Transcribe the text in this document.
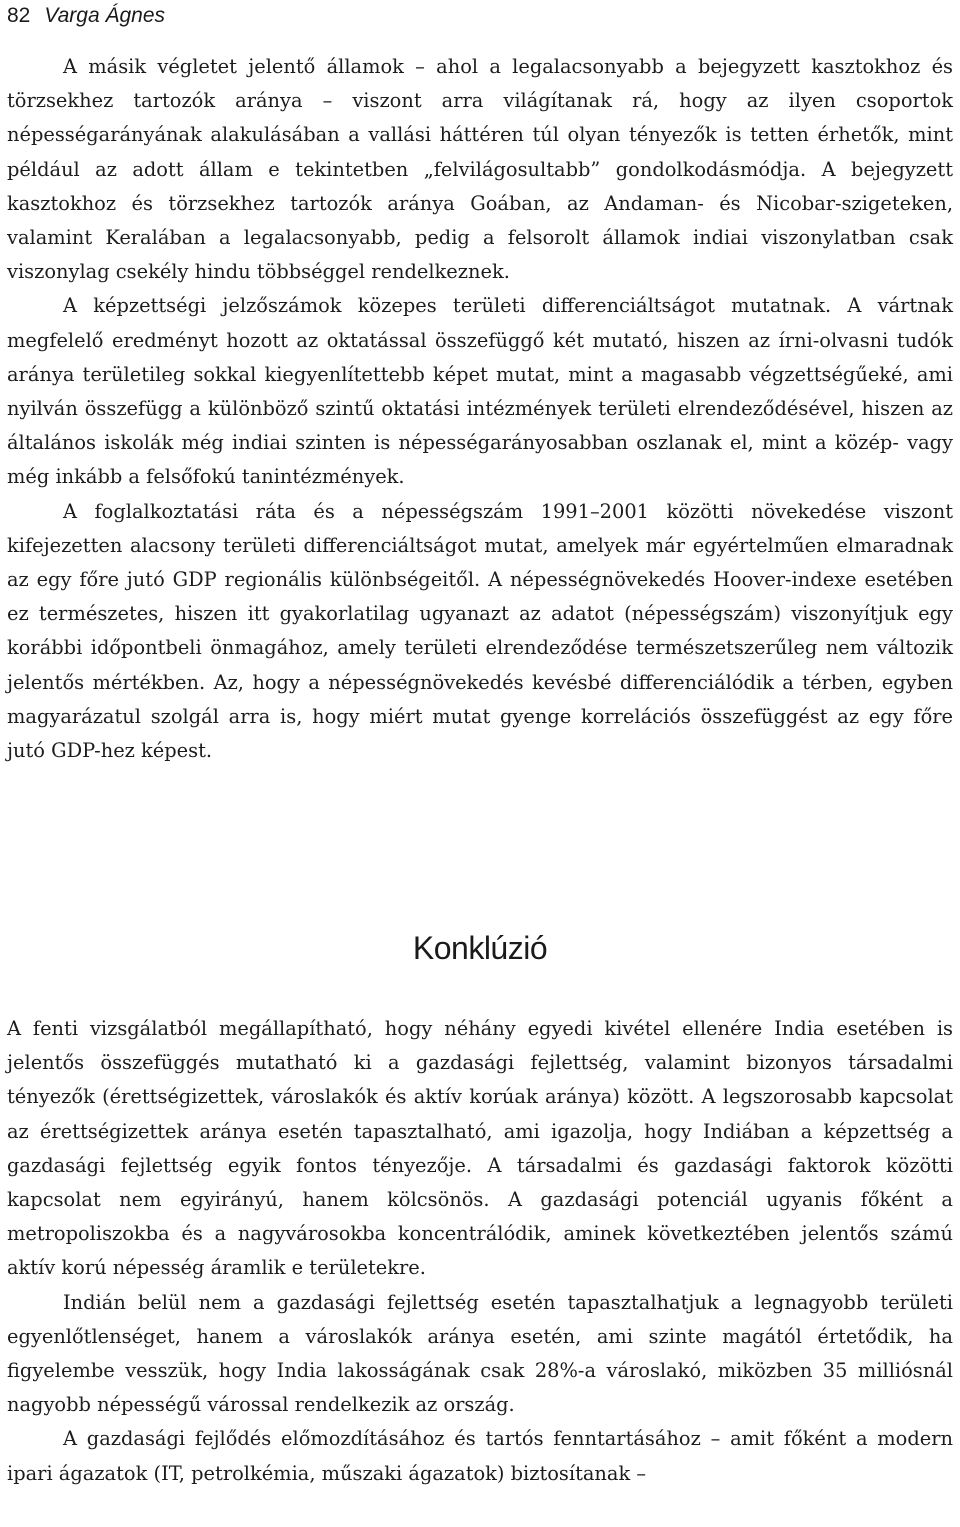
82 Varga Ágnes

A másik végletet jelentő államok – ahol a legalacsonyabb a bejegyzett kasztokhoz és törzsekhez tartozók aránya – viszont arra világítanak rá, hogy az ilyen csoportok népességarányának alakulásában a vallási háttéren túl olyan tényezők is tetten érhetők, mint például az adott állam e tekintetben „felvilágosultabb” gondolkodásmódja. A bejegyzett kasztokhoz és törzsekhez tartozók aránya Goában, az Andaman- és Nicobar-szigeteken, valamint Keralában a legalacsonyabb, pedig a felsorolt államok indiai viszonylatban csak viszonylag csekély hindu többséggel rendelkeznek.

A képzettségi jelzőszámok közepes területi differenciáltságot mutatnak. A vártnak megfelelő eredményt hozott az oktatással összefüggő két mutató, hiszen az írni-olvasni tudók aránya területileg sokkal kiegyenlítettebb képet mutat, mint a magasabb végzettségűeké, ami nyilván összefügg a különböző szintű oktatási intézmények területi elrendeződésével, hiszen az általános iskolák még indiai szinten is népességarányosabban oszlanak el, mint a közép- vagy még inkább a felsőfokú tanintézmények.

A foglalkoztatási ráta és a népességszám 1991–2001 közötti növekedése viszont kifejezetten alacsony területi differenciáltságot mutat, amelyek már egyértelműen elmaradnak az egy főre jutó GDP regionális különbségeitől. A népességnövekedés Hoover-indexe esetében ez természetes, hiszen itt gyakorlatilag ugyanazt az adatot (népességszám) viszonyítjuk egy korábbi időpontbeli önmagához, amely területi elrendeződése természetszerűleg nem változik jelentős mértékben. Az, hogy a népességnövekedés kevésbé differenciálódik a térben, egyben magyarázatul szolgál arra is, hogy miért mutat gyenge korrelációs összefüggést az egy főre jutó GDP-hez képest.

Konklúzió

A fenti vizsgálatból megállapítható, hogy néhány egyedi kivétel ellenére India esetében is jelentős összefüggés mutatható ki a gazdasági fejlettség, valamint bizonyos társadalmi tényezők (érettségizettek, városlakók és aktív korúak aránya) között. A legszorosabb kapcsolat az érettségizettek aránya esetén tapasztalható, ami igazolja, hogy Indiában a képzettség a gazdasági fejlettség egyik fontos tényezője. A társadalmi és gazdasági faktorok közötti kapcsolat nem egyirányú, hanem kölcsönös. A gazdasági potenciál ugyanis főként a metropoliszokba és a nagyvárosokba koncentrálódik, aminek következtében jelentős számú aktív korú népesség áramlik e területekre.

Indián belül nem a gazdasági fejlettség esetén tapasztalhatjuk a legnagyobb területi egyenlőtlenséget, hanem a városlakók aránya esetén, ami szinte magától értetődik, ha figyelembe vesszük, hogy India lakosságának csak 28%-a városlakó, miközben 35 milliósnál nagyobb népességű várossal rendelkezik az ország.

A gazdasági fejlődés előmozdításához és tartós fenntartásához – amit főként a modern ipari ágazatok (IT, petrolkémia, műszaki ágazatok) biztosítanak –
